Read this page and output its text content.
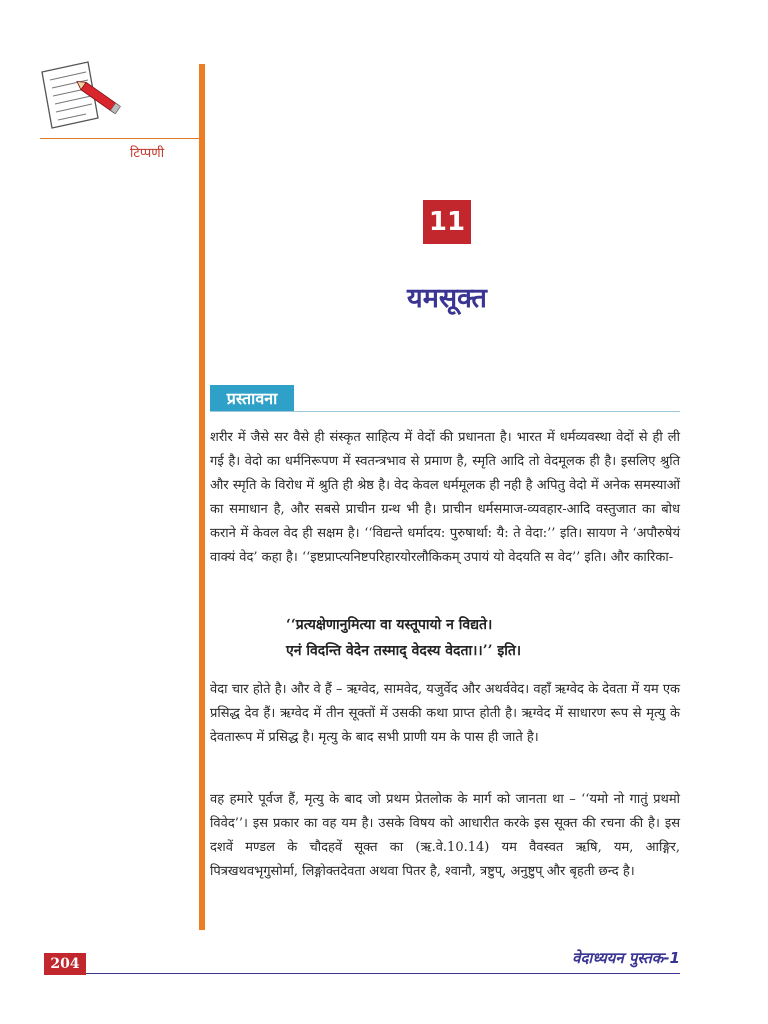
टिप्पणी
11
यमसूक्त
प्रस्तावना
शरीर में जैसे सर वैसे ही संस्कृत साहित्य में वेदों की प्रधानता है। भारत में धर्मव्यवस्था वेदों से ही ली गई है। वेदो का धर्मनिरूपण में स्वतन्त्रभाव से प्रमाण है, स्मृति आदि तो वेदमूलक ही है। इसलिए श्रुति और स्मृति के विरोध में श्रुति ही श्रेष्ठ है। वेद केवल धर्ममूलक ही नही है अपितु वेदो में अनेक समस्याओं का समाधान है, और सबसे प्राचीन ग्रन्थ भी है। प्राचीन धर्मसमाज-व्यवहार-आदि वस्तुजात का बोध कराने में केवल वेद ही सक्षम है। ‘‘विद्यन्ते धर्मादय: पुरुषार्था: यै: ते वेदा:’’ इति। सायण ने ‘अपौरुषेयं वाक्यं वेद’ कहा है। ‘‘इष्टप्राप्त्यनिष्टपरिहारयोरलौकिकम् उपायं यो वेदयति स वेद’’ इति। और कारिका-
‘‘प्रत्यक्षेणानुमित्या वा यस्तूपायो न विद्यते।
एनं विदन्ति वेदेन तस्माद् वेदस्य वेदता।।’’ इति।
वेदा चार होते है। और वे हैं – ऋग्वेद, सामवेद, यजुर्वेद और अथर्ववेद। वहाँ ऋग्वेद के देवता में यम एक प्रसिद्ध देव हैं। ऋग्वेद में तीन सूक्तों में उसकी कथा प्राप्त होती है। ऋग्वेद में साधारण रूप से मृत्यु के देवतारूप में प्रसिद्ध है। मृत्यु के बाद सभी प्राणी यम के पास ही जाते है।
वह हमारे पूर्वज हैं, मृत्यु के बाद जो प्रथम प्रेतलोक के मार्ग को जानता था – ‘‘यमो नो गातुं प्रथमो विवेद’’। इस प्रकार का वह यम है। उसके विषय को आधारीत करके इस सूक्त की रचना की है। इस दशवें मण्डल के चौदहवें सूक्त का (ऋ.वे.10.14) यम वैवस्वत ऋषि, यम, आङ्गिर, पित्रखथवभृगुसोर्मा, लिङ्गोक्तदेवता अथवा पितर है, श्वानौ, त्रष्टुप्, अनुष्टुप् और बृहती छन्द है।
204	वेदाध्ययन पुस्तक-1
